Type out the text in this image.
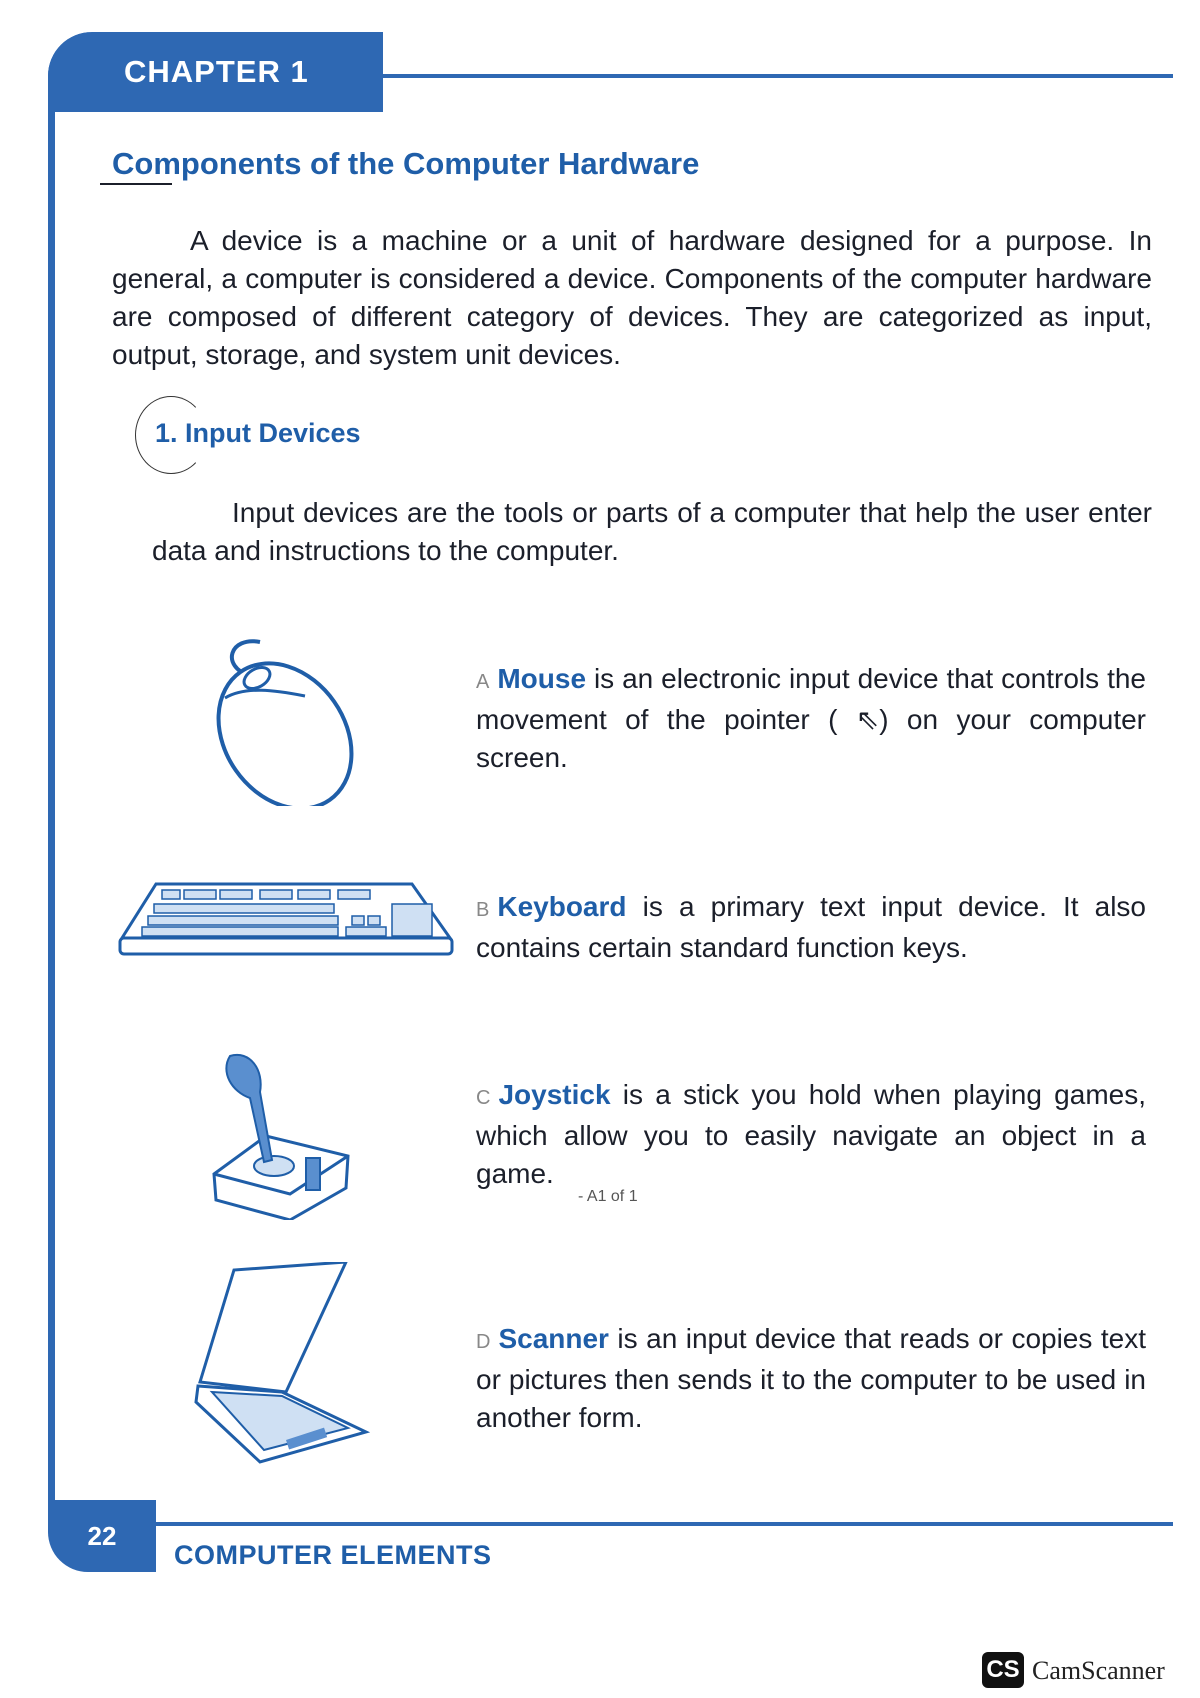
CHAPTER 1
Components of the Computer Hardware

A device is a machine or a unit of hardware designed for a purpose. In general, a computer is considered a device. Components of the computer hardware are composed of different category of devices. They are categorized as input, output, storage, and system unit devices.

1. Input Devices

Input devices are the tools or parts of a computer that help the user enter data and instructions to the computer.

A Mouse is an electronic input device that controls the movement of the pointer ( ⇖) on your computer screen.

B Keyboard is a primary text input device. It also contains certain standard function keys.

C Joystick is a stick you hold when playing games, which allow you to easily navigate an object in a game.

- A1 of 1

D Scanner is an input device that reads or copies text or pictures then sends it to the computer to be used in another form.

22
COMPUTER ELEMENTS
CS CamScanner
